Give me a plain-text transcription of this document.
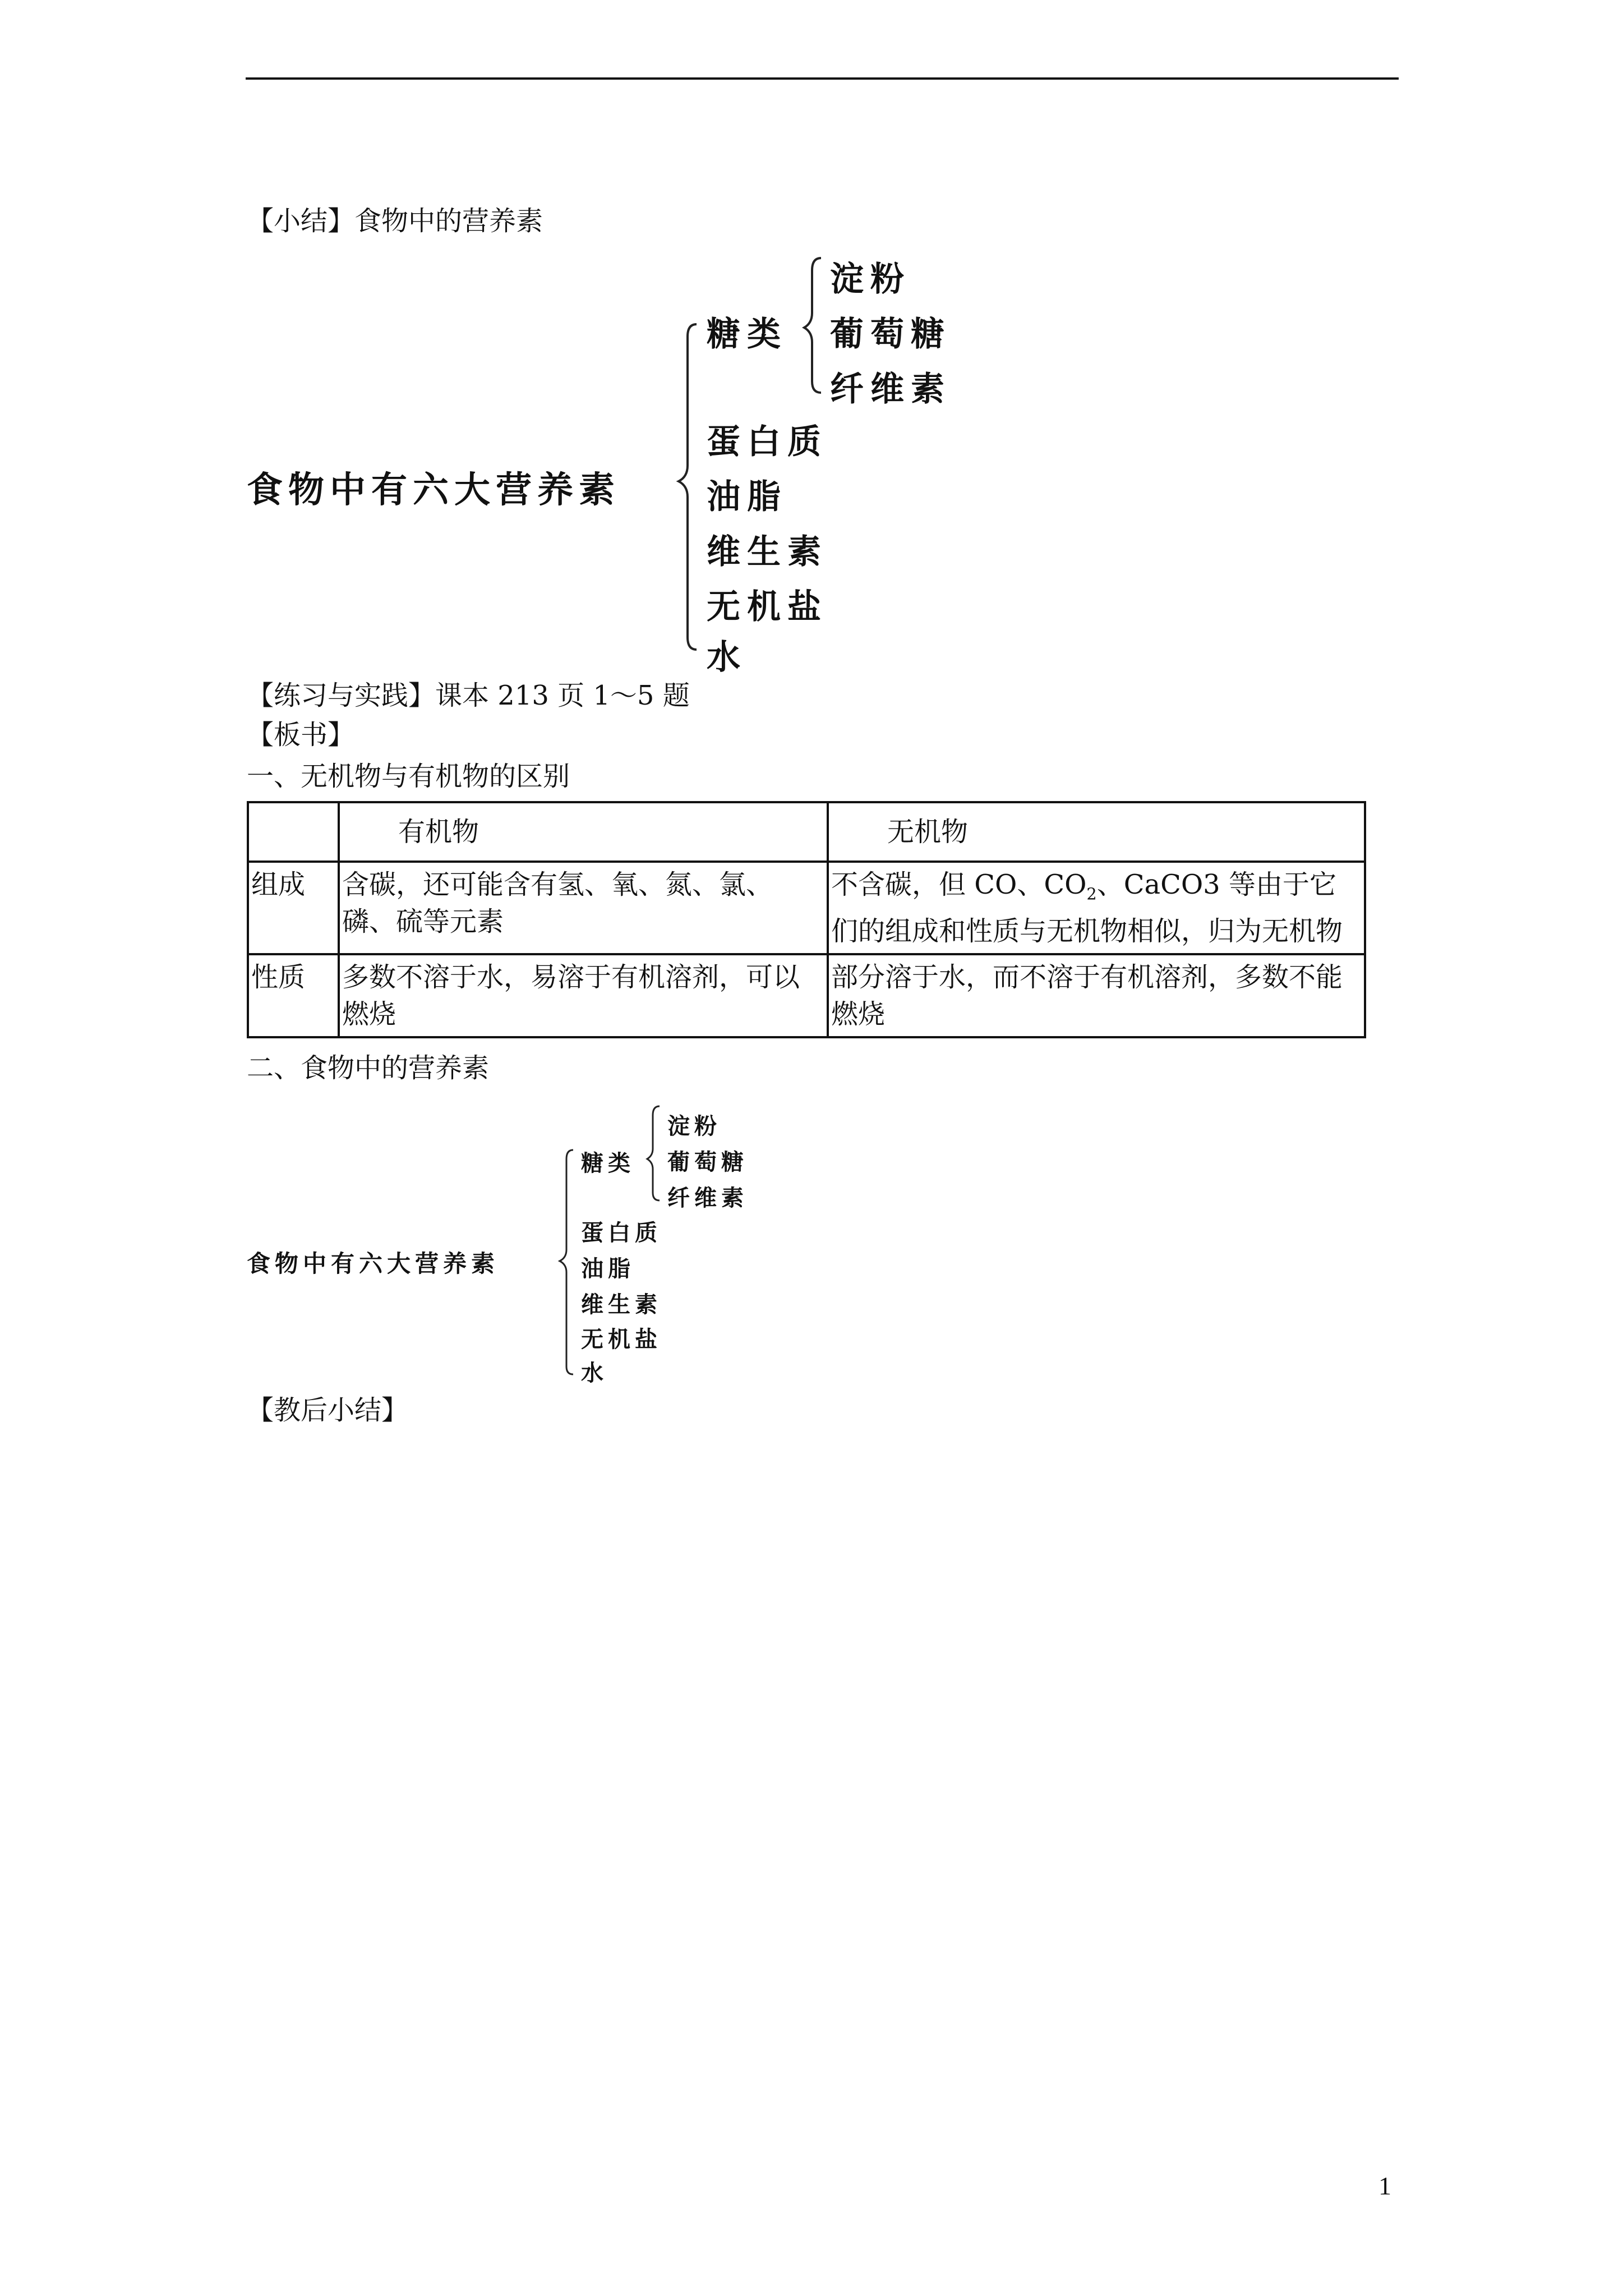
【小结】食物中的营养素
食物中有六大营养素
糖类
淀粉
葡萄糖
纤维素
蛋白质
油脂
维生素
无机盐
水
【练习与实践】课本 213 页 1～5 题
【板书】
一、无机物与有机物的区别
	有机物	无机物
组成	含碳，还可能含有氢、氧、氮、氯、磷、硫等元素	不含碳，但 CO、$CO_2$、CaCO3 等由于它们的组成和性质与无机物相似，归为无机物
性质	多数不溶于水，易溶于有机溶剂，可以燃烧	部分溶于水，而不溶于有机溶剂，多数不能燃烧
二、食物中的营养素
食物中有六大营养素
糖类
淀粉
葡萄糖
纤维素
蛋白质
油脂
维生素
无机盐
水
【教后小结】
1
